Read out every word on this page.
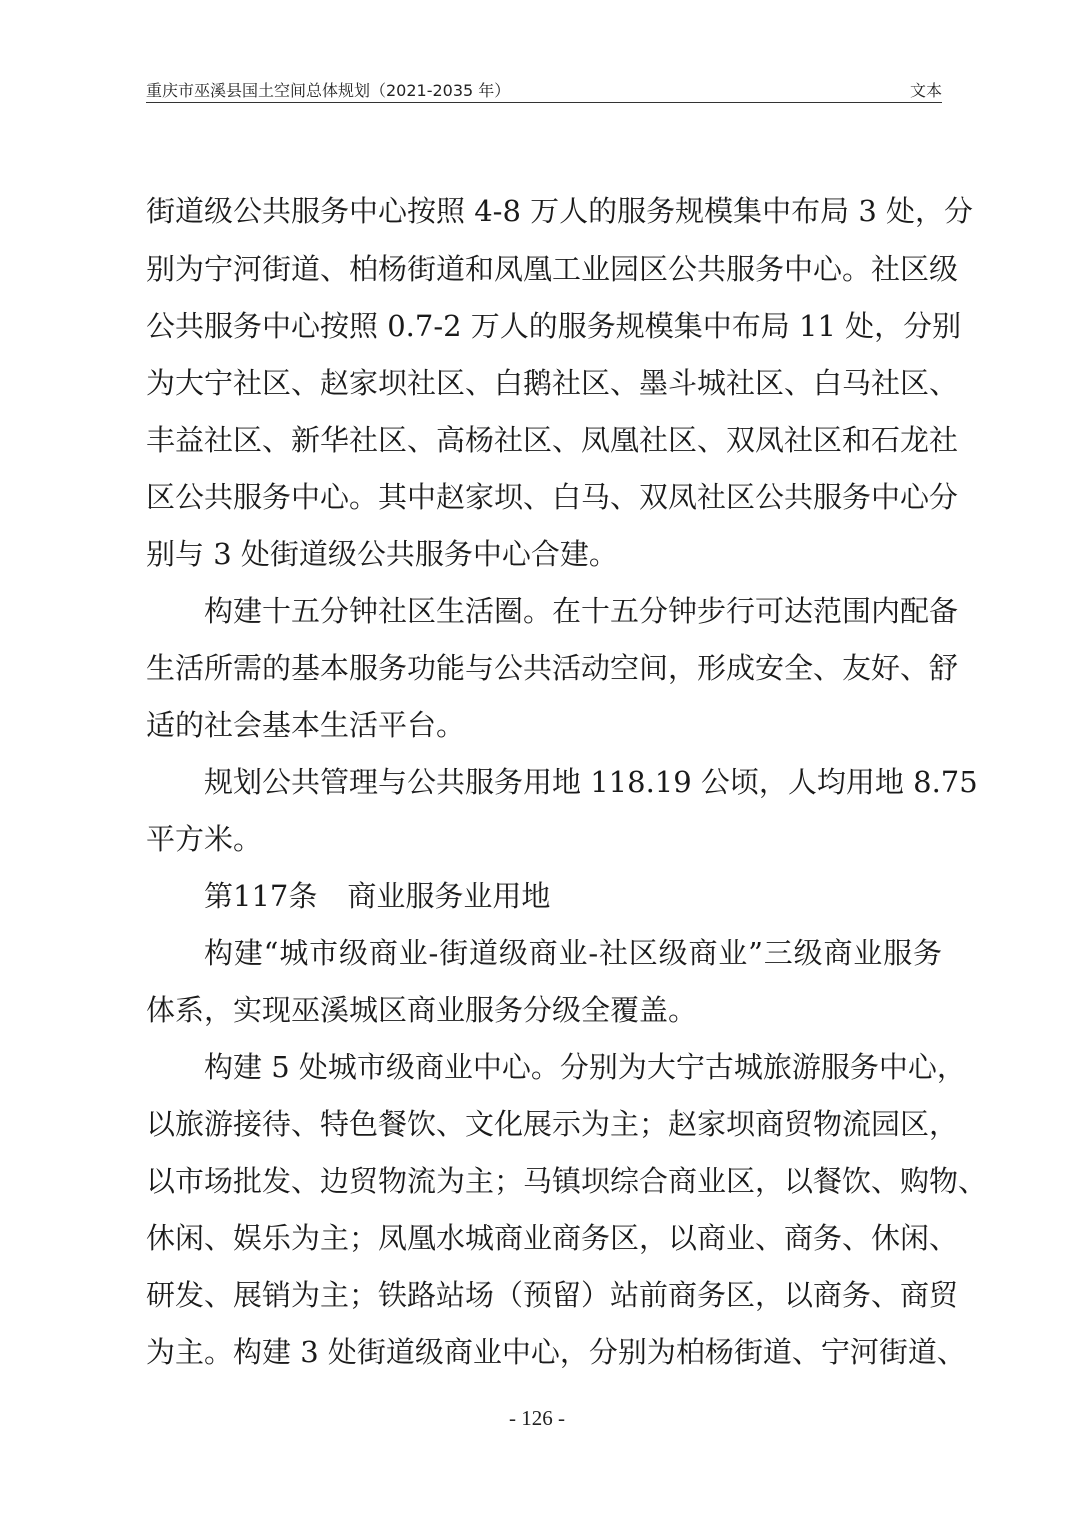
重庆市巫溪县国土空间总体规划（2021-2035 年）	文本
街道级公共服务中心按照 4-8 万人的服务规模集中布局 3 处，分
别为宁河街道、柏杨街道和凤凰工业园区公共服务中心。社区级
公共服务中心按照 0.7-2 万人的服务规模集中布局 11 处，分别
为大宁社区、赵家坝社区、白鹅社区、墨斗城社区、白马社区、
丰益社区、新华社区、高杨社区、凤凰社区、双凤社区和石龙社
区公共服务中心。其中赵家坝、白马、双凤社区公共服务中心分
别与 3 处街道级公共服务中心合建。
构建十五分钟社区生活圈。在十五分钟步行可达范围内配备
生活所需的基本服务功能与公共活动空间，形成安全、友好、舒
适的社会基本生活平台。
规划公共管理与公共服务用地 118.19 公顷，人均用地 8.75
平方米。
第117条 商业服务业用地
构建“城市级商业-街道级商业-社区级商业”三级商业服务
体系，实现巫溪城区商业服务分级全覆盖。
构建 5 处城市级商业中心。分别为大宁古城旅游服务中心，
以旅游接待、特色餐饮、文化展示为主；赵家坝商贸物流园区，
以市场批发、边贸物流为主；马镇坝综合商业区，以餐饮、购物、
休闲、娱乐为主；凤凰水城商业商务区，以商业、商务、休闲、
研发、展销为主；铁路站场（预留）站前商务区，以商务、商贸
为主。构建 3 处街道级商业中心，分别为柏杨街道、宁河街道、
- 126 -
